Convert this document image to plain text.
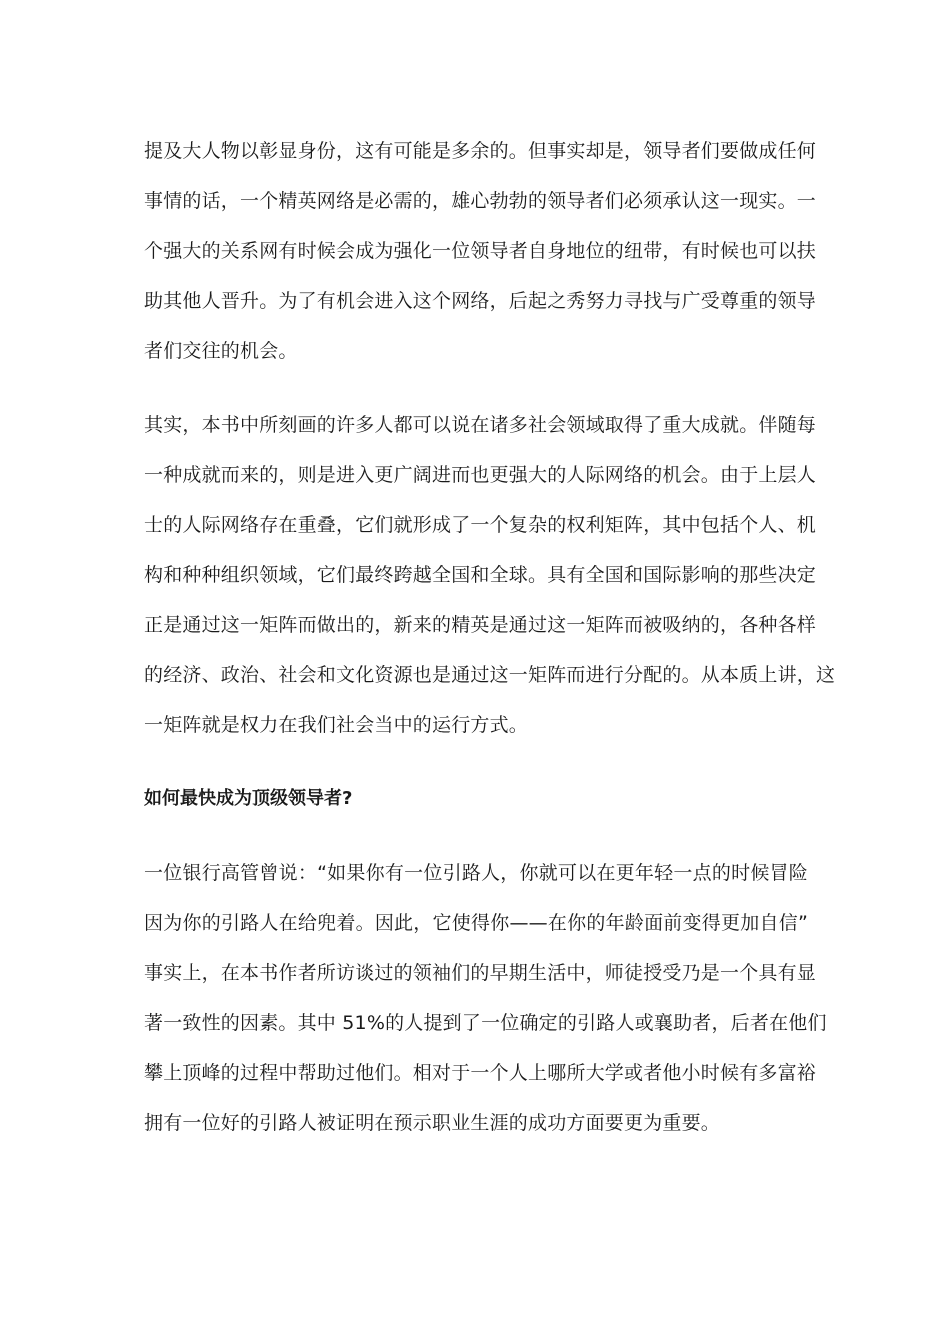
提及大人物以彰显身份，这有可能是多余的。但事实却是，领导者们要做成任何
事情的话，一个精英网络是必需的，雄心勃勃的领导者们必须承认这一现实。一
个强大的关系网有时候会成为强化一位领导者自身地位的纽带，有时候也可以扶
助其他人晋升。为了有机会进入这个网络，后起之秀努力寻找与广受尊重的领导
者们交往的机会。

其实，本书中所刻画的许多人都可以说在诸多社会领域取得了重大成就。伴随每
一种成就而来的，则是进入更广阔进而也更强大的人际网络的机会。由于上层人
士的人际网络存在重叠，它们就形成了一个复杂的权利矩阵，其中包括个人、机
构和种种组织领域，它们最终跨越全国和全球。具有全国和国际影响的那些决定
正是通过这一矩阵而做出的，新来的精英是通过这一矩阵而被吸纳的，各种各样
的经济、政治、社会和文化资源也是通过这一矩阵而进行分配的。从本质上讲，这
一矩阵就是权力在我们社会当中的运行方式。

如何最快成为顶级领导者?

一位银行高管曾说：“如果你有一位引路人，你就可以在更年轻一点的时候冒险
因为你的引路人在给兜着。因此，它使得你——在你的年龄面前变得更加自信”
事实上，在本书作者所访谈过的领袖们的早期生活中，师徒授受乃是一个具有显
著一致性的因素。其中 51%的人提到了一位确定的引路人或襄助者，后者在他们
攀上顶峰的过程中帮助过他们。相对于一个人上哪所大学或者他小时候有多富裕
拥有一位好的引路人被证明在预示职业生涯的成功方面要更为重要。
